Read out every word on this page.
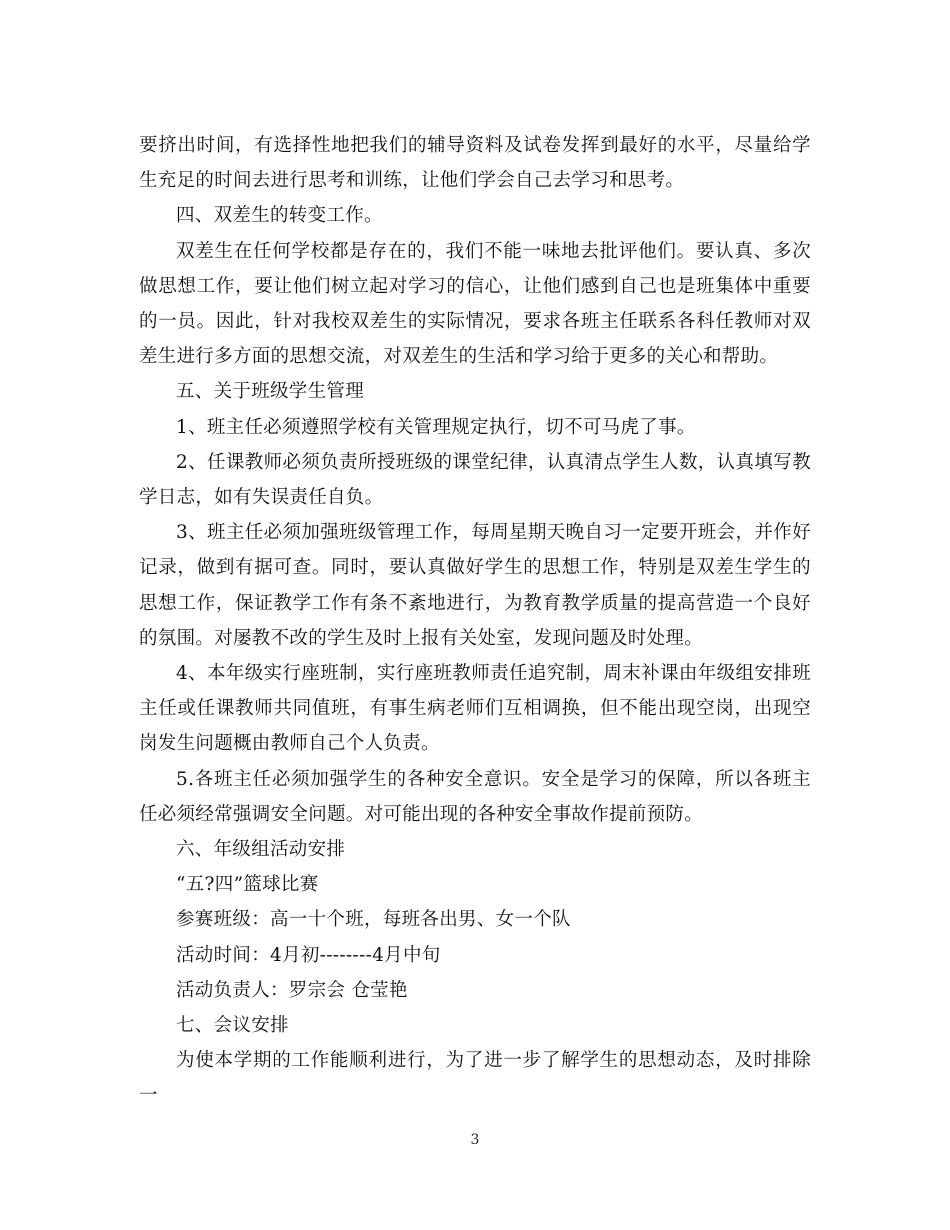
要挤出时间，有选择性地把我们的辅导资料及试卷发挥到最好的水平，尽量给学生充足的时间去进行思考和训练，让他们学会自己去学习和思考。

四、双差生的转变工作。

双差生在任何学校都是存在的，我们不能一味地去批评他们。要认真、多次做思想工作，要让他们树立起对学习的信心，让他们感到自己也是班集体中重要的一员。因此，针对我校双差生的实际情况，要求各班主任联系各科任教师对双差生进行多方面的思想交流，对双差生的生活和学习给于更多的关心和帮助。

五、关于班级学生管理

1、班主任必须遵照学校有关管理规定执行，切不可马虎了事。

2、任课教师必须负责所授班级的课堂纪律，认真清点学生人数，认真填写教学日志，如有失误责任自负。

3、班主任必须加强班级管理工作，每周星期天晚自习一定要开班会，并作好记录，做到有据可查。同时，要认真做好学生的思想工作，特别是双差生学生的思想工作，保证教学工作有条不紊地进行，为教育教学质量的提高营造一个良好的氛围。对屡教不改的学生及时上报有关处室，发现问题及时处理。

4、本年级实行座班制，实行座班教师责任追究制，周末补课由年级组安排班主任或任课教师共同值班，有事生病老师们互相调换，但不能出现空岗，出现空岗发生问题概由教师自己个人负责。

5.各班主任必须加强学生的各种安全意识。安全是学习的保障，所以各班主任必须经常强调安全问题。对可能出现的各种安全事故作提前预防。

六、年级组活动安排

“五?四”篮球比赛

参赛班级：高一十个班，每班各出男、女一个队

活动时间：4月初--------4月中旬

活动负责人：罗宗会 仓莹艳

七、会议安排

为使本学期的工作能顺利进行，为了进一步了解学生的思想动态，及时排除一

3
